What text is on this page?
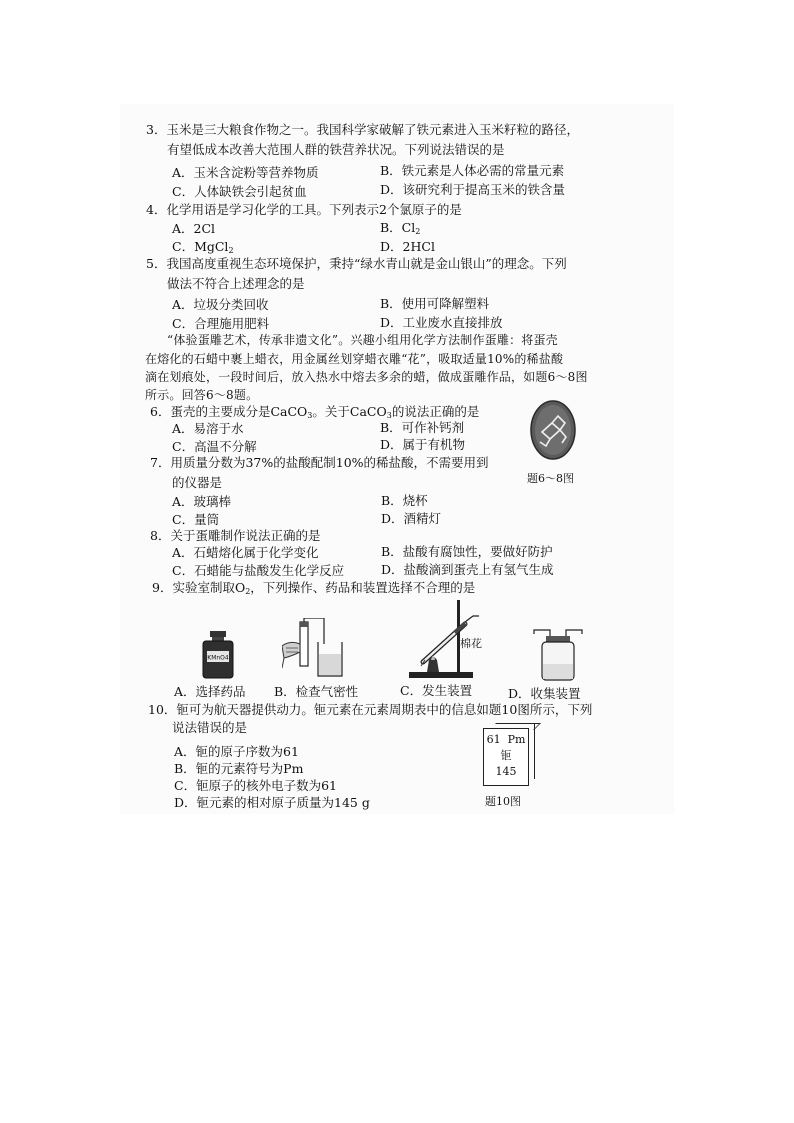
3．玉米是三大粮食作物之一。我国科学家破解了铁元素进入玉米籽粒的路径，
有望低成本改善大范围人群的铁营养状况。下列说法错误的是
A．玉米含淀粉等营养物质	B．铁元素是人体必需的常量元素
C．人体缺铁会引起贫血	D．该研究利于提高玉米的铁含量
4．化学用语是学习化学的工具。下列表示2个氯原子的是
A．2Cl	B．$Cl_2$
C．MgCl$_2$	D．2HCl
5．我国高度重视生态环境保护，秉持“绿水青山就是金山银山”的理念。下列
做法不符合上述理念的是
A．垃圾分类回收	B．使用可降解塑料
C．合理施用肥料	D．工业废水直接排放
“体验蛋雕艺术，传承非遗文化”。兴趣小组用化学方法制作蛋雕：将蛋壳
在熔化的石蜡中裹上蜡衣，用金属丝划穿蜡衣雕“花”，吸取适量10%的稀盐酸
滴在划痕处，一段时间后，放入热水中熔去多余的蜡，做成蛋雕作品，如题6～8图
所示。回答6～8题。
6．蛋壳的主要成分是CaCO$_3$。关于CaCO$_3$的说法正确的是
A．易溶于水	B．可作补钙剂
C．高温不分解	D．属于有机物
题6～8图
7．用质量分数为37%的盐酸配制10%的稀盐酸，不需要用到
的仪器是
A．玻璃棒	B．烧杯
C．量筒	D．酒精灯
8．关于蛋雕制作说法正确的是
A．石蜡熔化属于化学变化	B．盐酸有腐蚀性，要做好防护
C．石蜡能与盐酸发生化学反应	D．盐酸滴到蛋壳上有氢气生成
9．实验室制取$O_2$，下列操作、药品和装置选择不合理的是
KMnO4
棉花
A．选择药品 B．检查气密性	C．发生装置	D．收集装置
10．钷可为航天器提供动力。钷元素在元素周期表中的信息如题10图所示，下列
说法错误的是
A．钷的原子序数为61
B．钷的元素符号为Pm
C．钷原子的核外电子数为61
D．钷元素的相对原子质量为145 g
61 Pm
钷
145
题10图
